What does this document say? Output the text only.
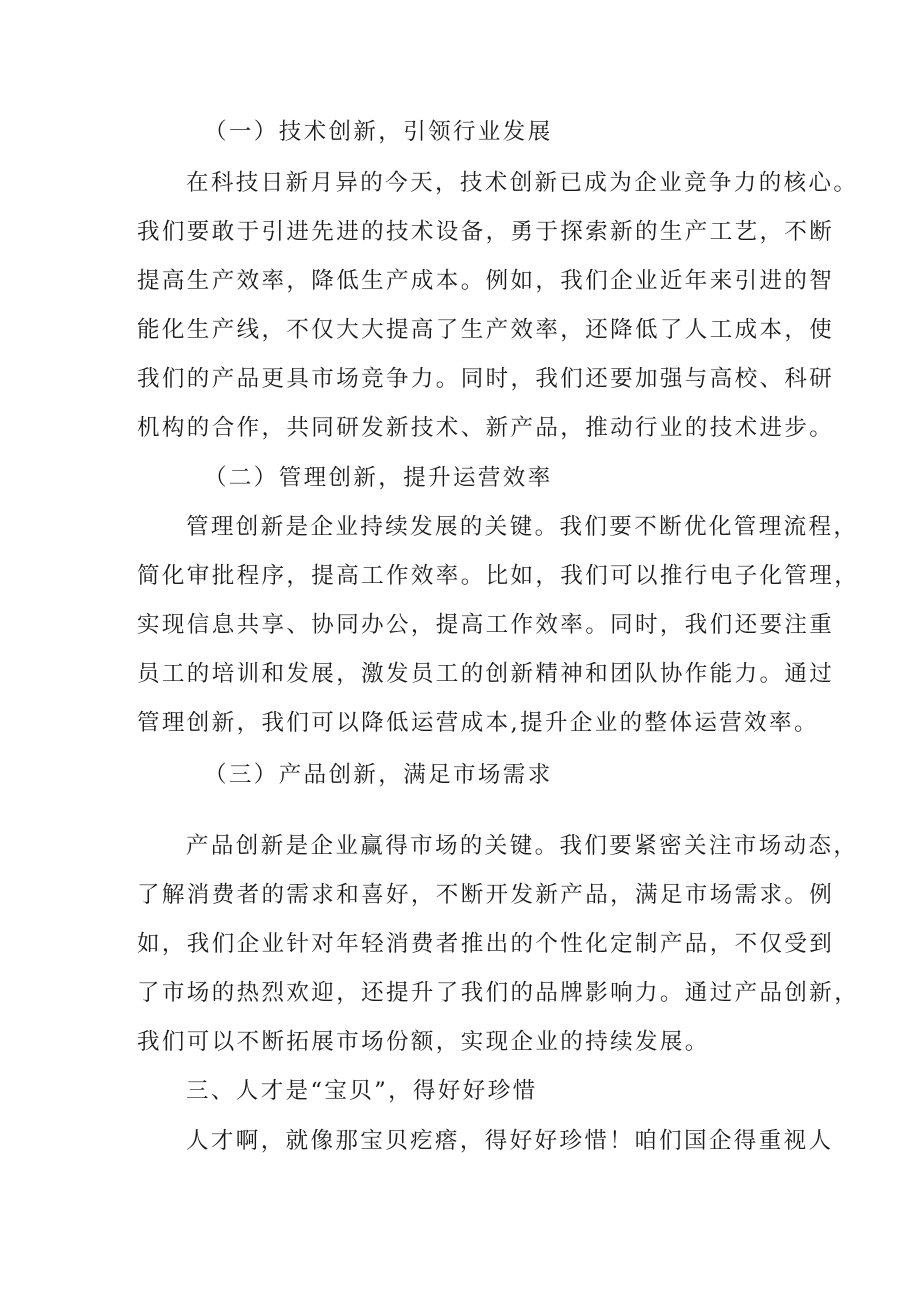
（一）技术创新，引领行业发展
在科技日新月异的今天，技术创新已成为企业竞争力的核心。
我们要敢于引进先进的技术设备，勇于探索新的生产工艺，不断
提高生产效率，降低生产成本。例如，我们企业近年来引进的智
能化生产线，不仅大大提高了生产效率，还降低了人工成本，使
我们的产品更具市场竞争力。同时，我们还要加强与高校、科研
机构的合作，共同研发新技术、新产品，推动行业的技术进步。
（二）管理创新，提升运营效率
管理创新是企业持续发展的关键。我们要不断优化管理流程，
简化审批程序，提高工作效率。比如，我们可以推行电子化管理，
实现信息共享、协同办公，提高工作效率。同时，我们还要注重
员工的培训和发展，激发员工的创新精神和团队协作能力。通过
管理创新，我们可以降低运营成本,提升企业的整体运营效率。
（三）产品创新，满足市场需求
产品创新是企业赢得市场的关键。我们要紧密关注市场动态，
了解消费者的需求和喜好，不断开发新产品，满足市场需求。例
如，我们企业针对年轻消费者推出的个性化定制产品，不仅受到
了市场的热烈欢迎，还提升了我们的品牌影响力。通过产品创新，
我们可以不断拓展市场份额，实现企业的持续发展。
三、人才是“宝贝”，得好好珍惜
人才啊，就像那宝贝疙瘩，得好好珍惜！咱们国企得重视人
